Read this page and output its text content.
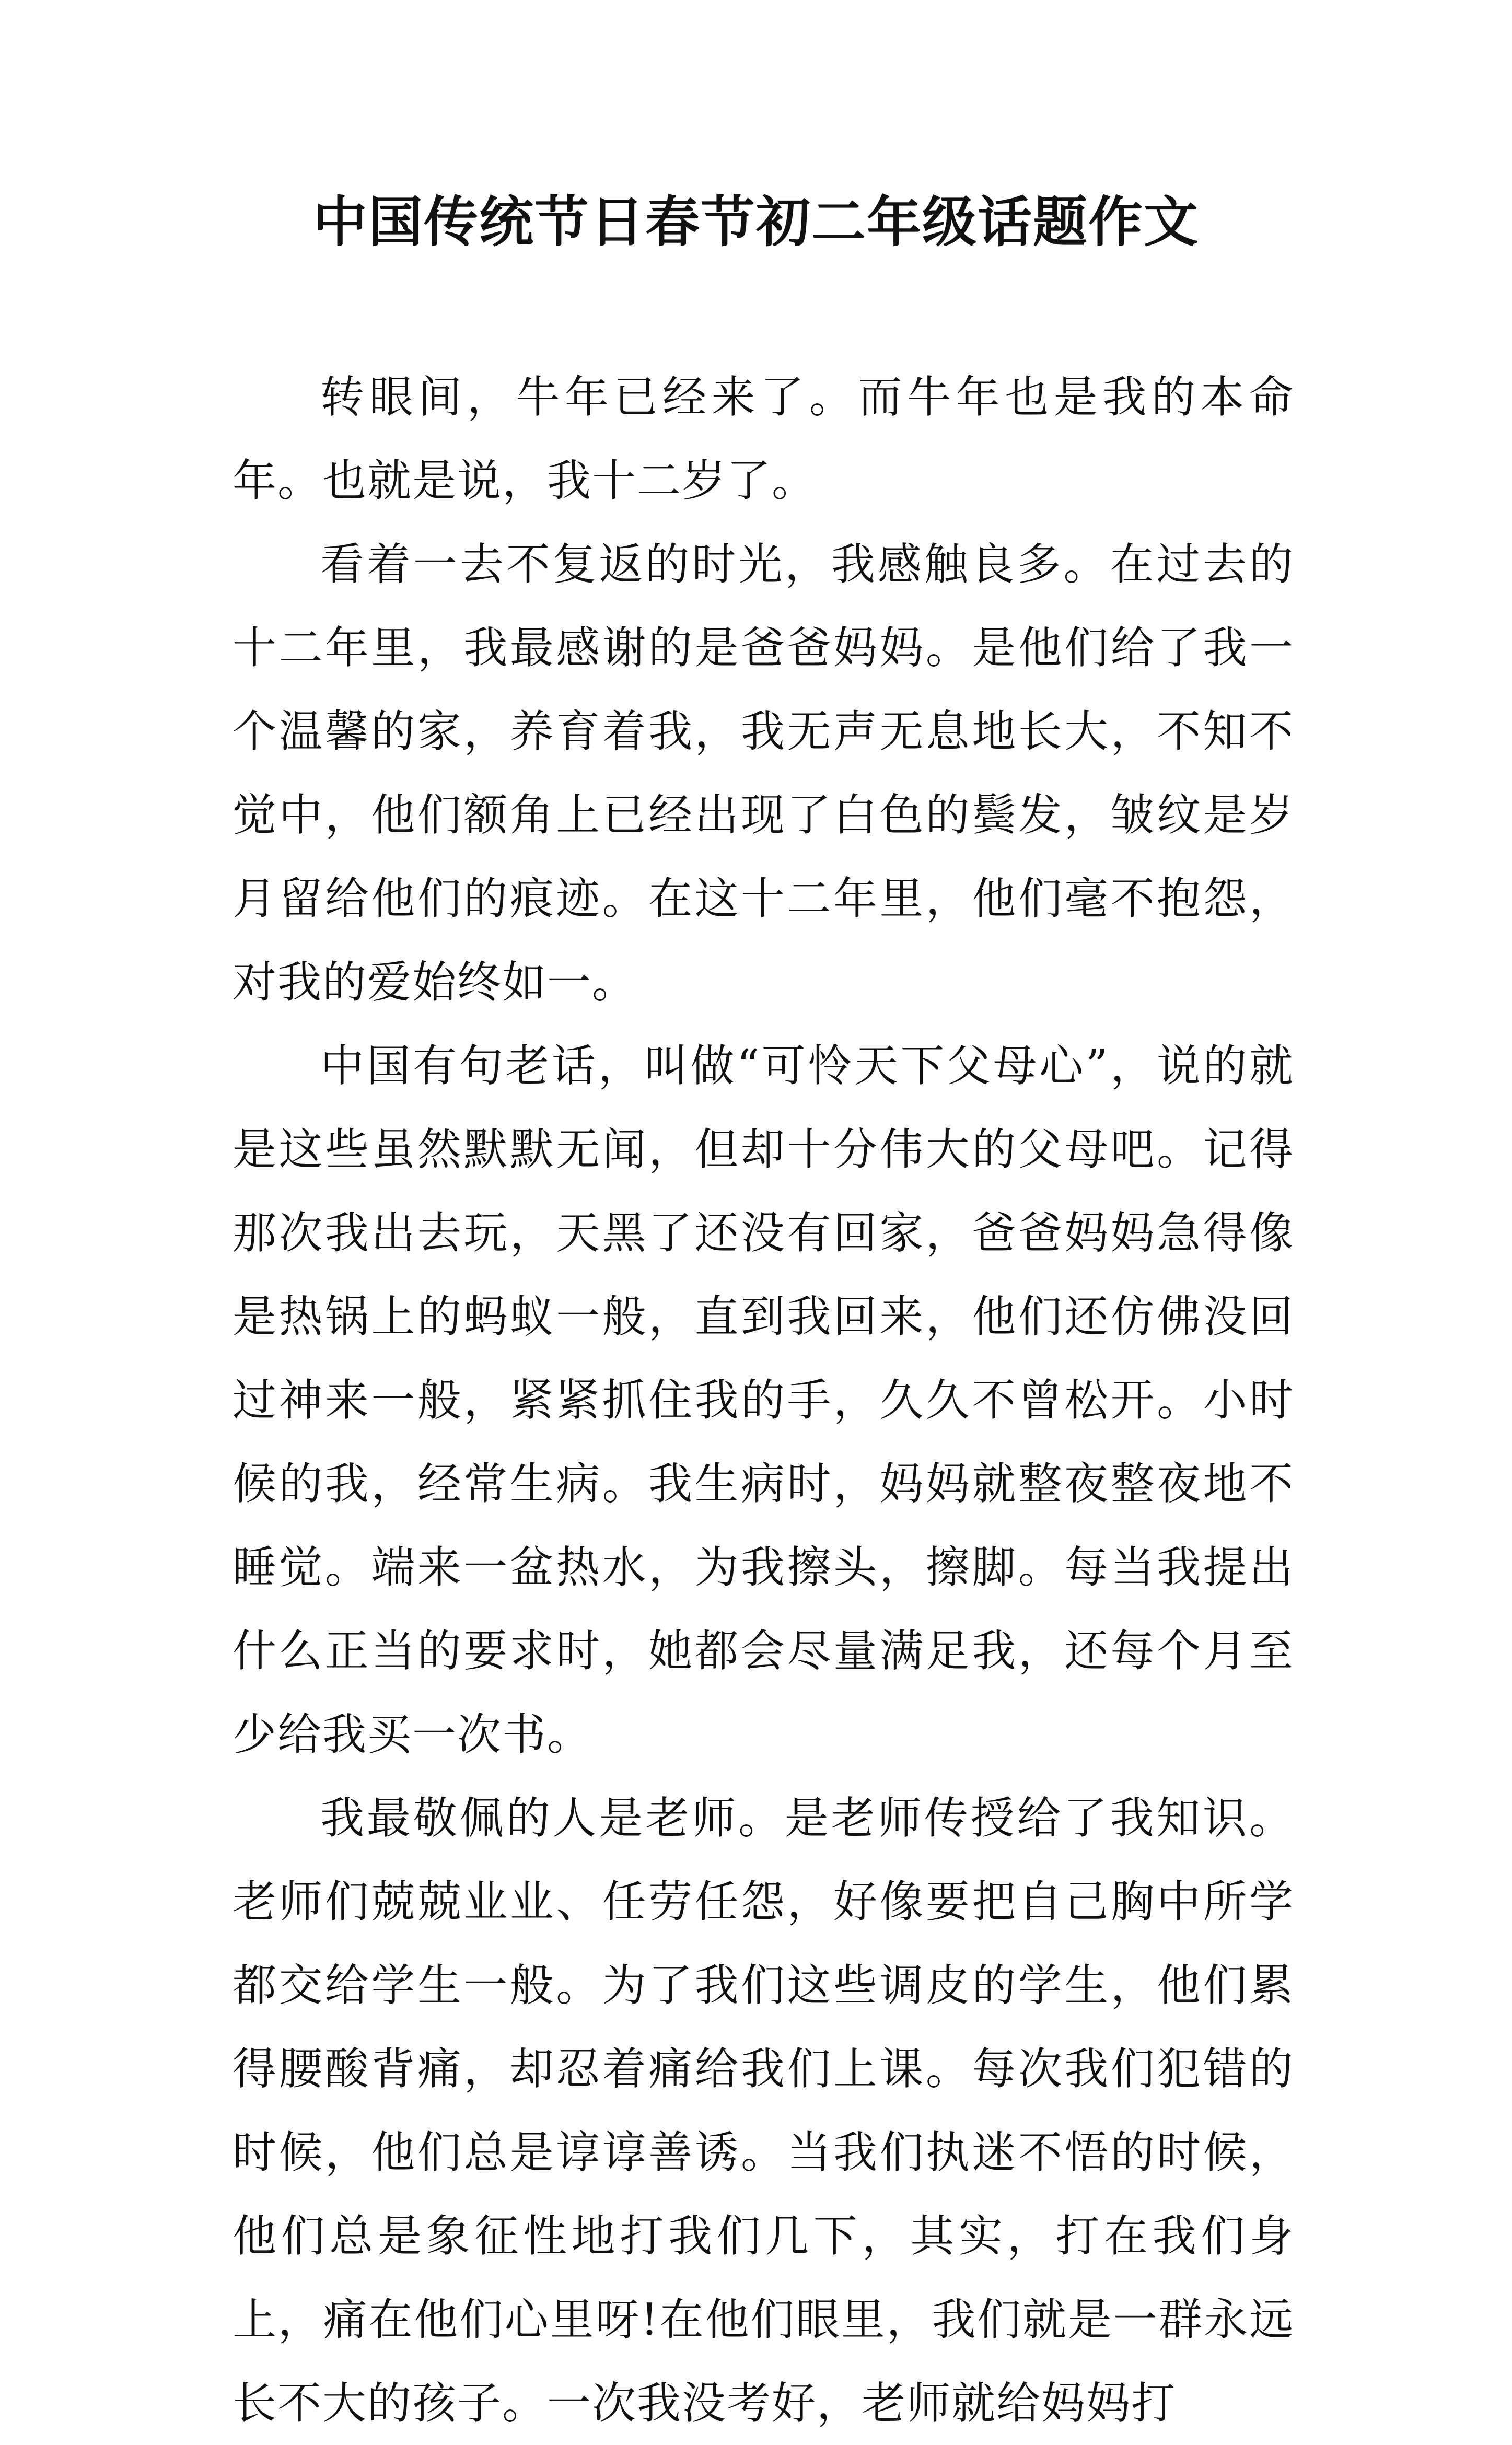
中国传统节日春节初二年级话题作文

转眼间，牛年已经来了。而牛年也是我的本命年。也就是说，我十二岁了。

看着一去不复返的时光，我感触良多。在过去的十二年里，我最感谢的是爸爸妈妈。是他们给了我一个温馨的家，养育着我，我无声无息地长大，不知不觉中，他们额角上已经出现了白色的鬓发，皱纹是岁月留给他们的痕迹。在这十二年里，他们毫不抱怨，对我的爱始终如一。

中国有句老话，叫做“可怜天下父母心”，说的就是这些虽然默默无闻，但却十分伟大的父母吧。记得那次我出去玩，天黑了还没有回家，爸爸妈妈急得像是热锅上的蚂蚁一般，直到我回来，他们还仿佛没回过神来一般，紧紧抓住我的手，久久不曾松开。小时候的我，经常生病。我生病时，妈妈就整夜整夜地不睡觉。端来一盆热水，为我擦头，擦脚。每当我提出什么正当的要求时，她都会尽量满足我，还每个月至少给我买一次书。

我最敬佩的人是老师。是老师传授给了我知识。老师们兢兢业业、任劳任怨，好像要把自己胸中所学都交给学生一般。为了我们这些调皮的学生，他们累得腰酸背痛，却忍着痛给我们上课。每次我们犯错的时候，他们总是谆谆善诱。当我们执迷不悟的时候，他们总是象征性地打我们几下，其实，打在我们身上，痛在他们心里呀!在他们眼里，我们就是一群永远长不大的孩子。一次我没考好，老师就给妈妈打
